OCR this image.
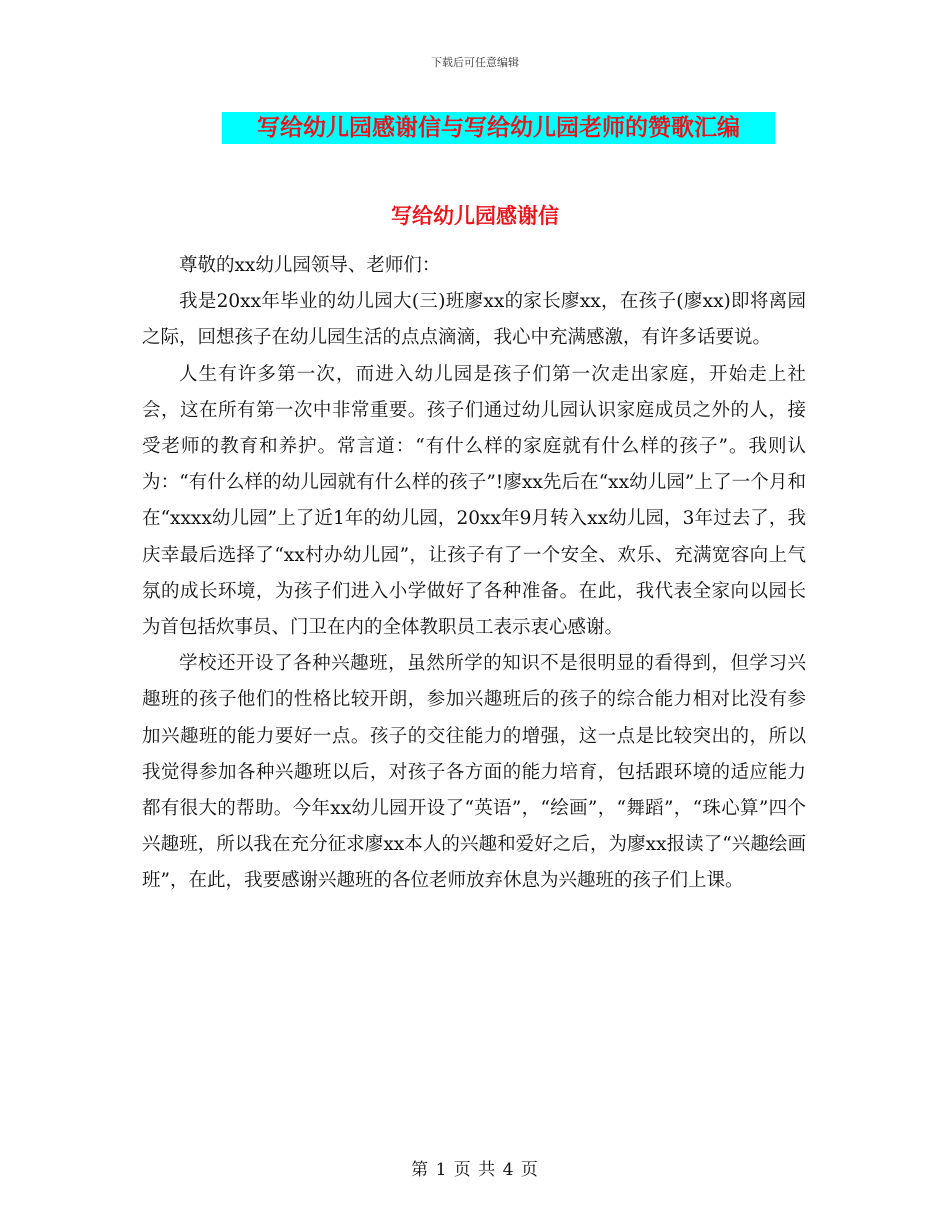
下载后可任意编辑
写给幼儿园感谢信与写给幼儿园老师的赞歌汇编
写给幼儿园感谢信

尊敬的xx幼儿园领导、老师们：

我是20xx年毕业的幼儿园大(三)班廖xx的家长廖xx，在孩子(廖xx)即将离园之际，回想孩子在幼儿园生活的点点滴滴，我心中充满感激，有许多话要说。

人生有许多第一次，而进入幼儿园是孩子们第一次走出家庭，开始走上社会，这在所有第一次中非常重要。孩子们通过幼儿园认识家庭成员之外的人，接受老师的教育和养护。常言道：“有什么样的家庭就有什么样的孩子”。我则认为：“有什么样的幼儿园就有什么样的孩子”!廖xx先后在“xx幼儿园”上了一个月和在“xxxx幼儿园”上了近1年的幼儿园，20xx年9月转入xx幼儿园，3年过去了，我庆幸最后选择了“xx村办幼儿园”，让孩子有了一个安全、欢乐、充满宽容向上气氛的成长环境，为孩子们进入小学做好了各种准备。在此，我代表全家向以园长为首包括炊事员、门卫在内的全体教职员工表示衷心感谢。

学校还开设了各种兴趣班，虽然所学的知识不是很明显的看得到，但学习兴趣班的孩子他们的性格比较开朗，参加兴趣班后的孩子的综合能力相对比没有参加兴趣班的能力要好一点。孩子的交往能力的增强，这一点是比较突出的，所以我觉得参加各种兴趣班以后，对孩子各方面的能力培育，包括跟环境的适应能力都有很大的帮助。今年xx幼儿园开设了“英语”，“绘画”，“舞蹈”，“珠心算”四个兴趣班，所以我在充分征求廖xx本人的兴趣和爱好之后，为廖xx报读了“兴趣绘画班”，在此，我要感谢兴趣班的各位老师放弃休息为兴趣班的孩子们上课。

第 1 页 共 4 页
